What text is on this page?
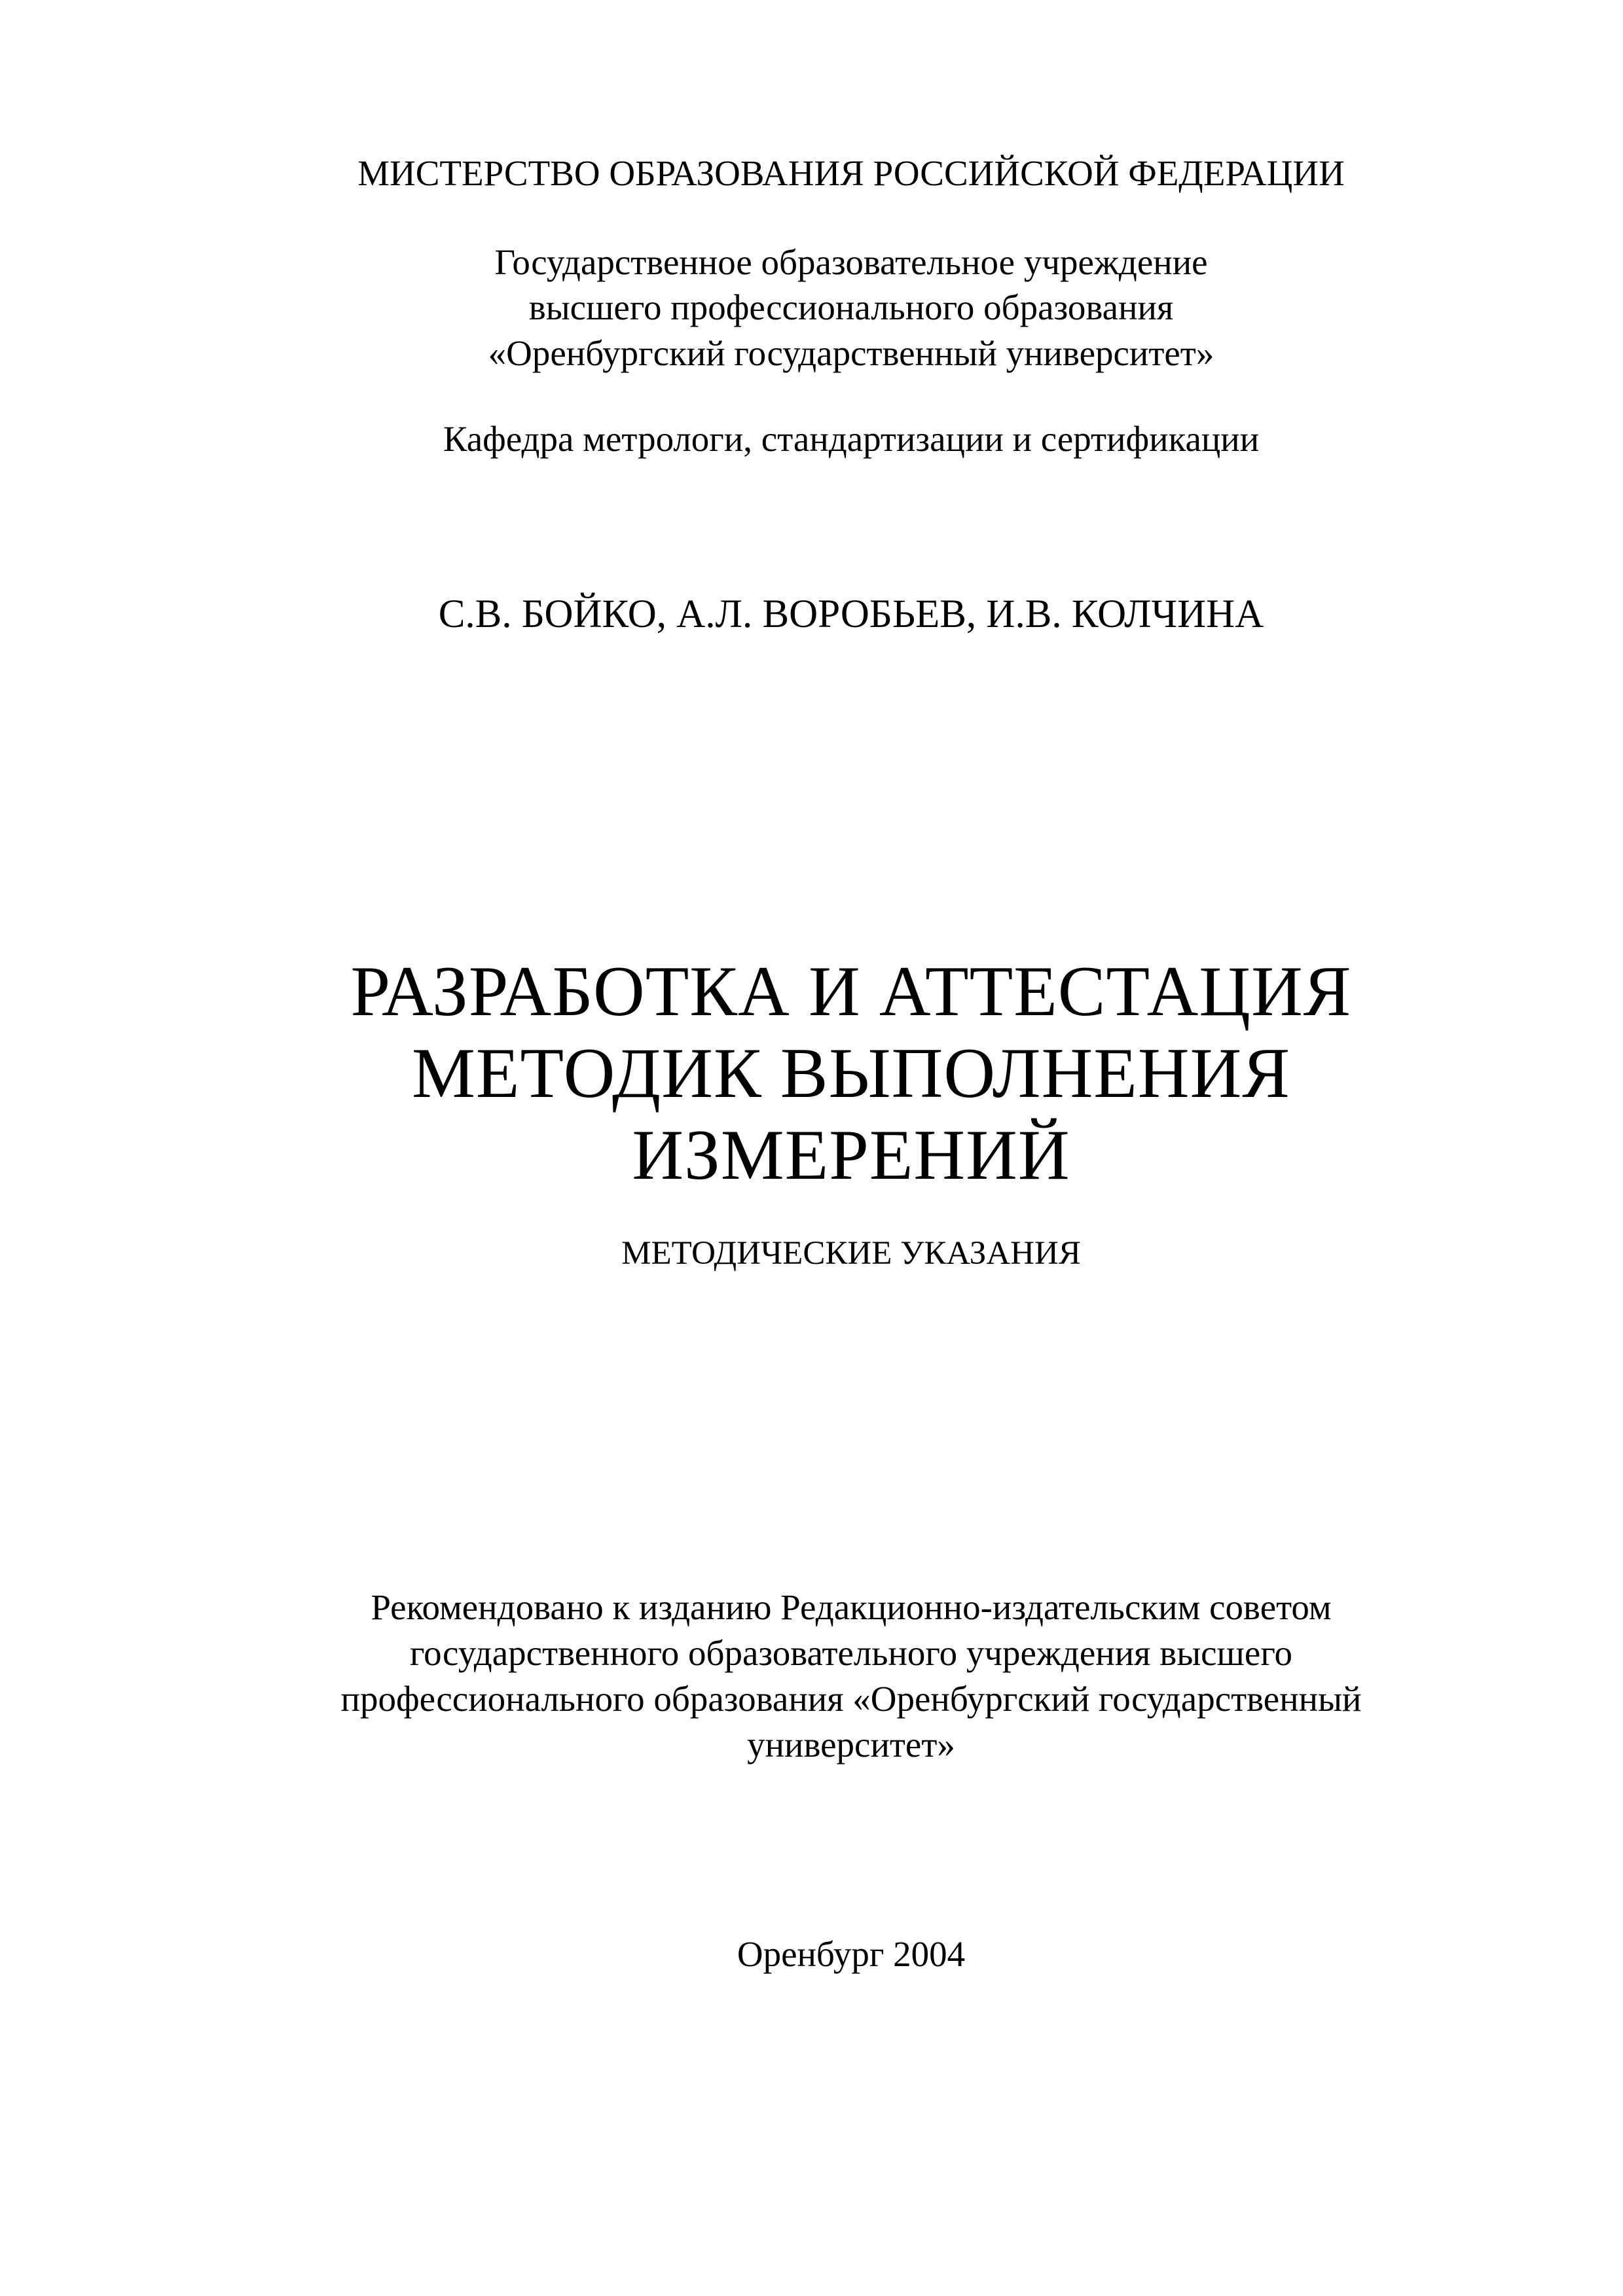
МИСТЕРСТВО ОБРАЗОВАНИЯ РОССИЙСКОЙ ФЕДЕРАЦИИ
Государственное образовательное учреждение
высшего профессионального образования
«Оренбургский государственный университет»
Кафедра метрологи, стандартизации и сертификации
С.В. БОЙКО, А.Л. ВОРОБЬЕВ, И.В. КОЛЧИНА
РАЗРАБОТКА И АТТЕСТАЦИЯ
МЕТОДИК ВЫПОЛНЕНИЯ
ИЗМЕРЕНИЙ
МЕТОДИЧЕСКИЕ УКАЗАНИЯ
Рекомендовано к изданию Редакционно-издательским советом
государственного образовательного учреждения высшего
профессионального образования «Оренбургский государственный
университет»
Оренбург 2004
